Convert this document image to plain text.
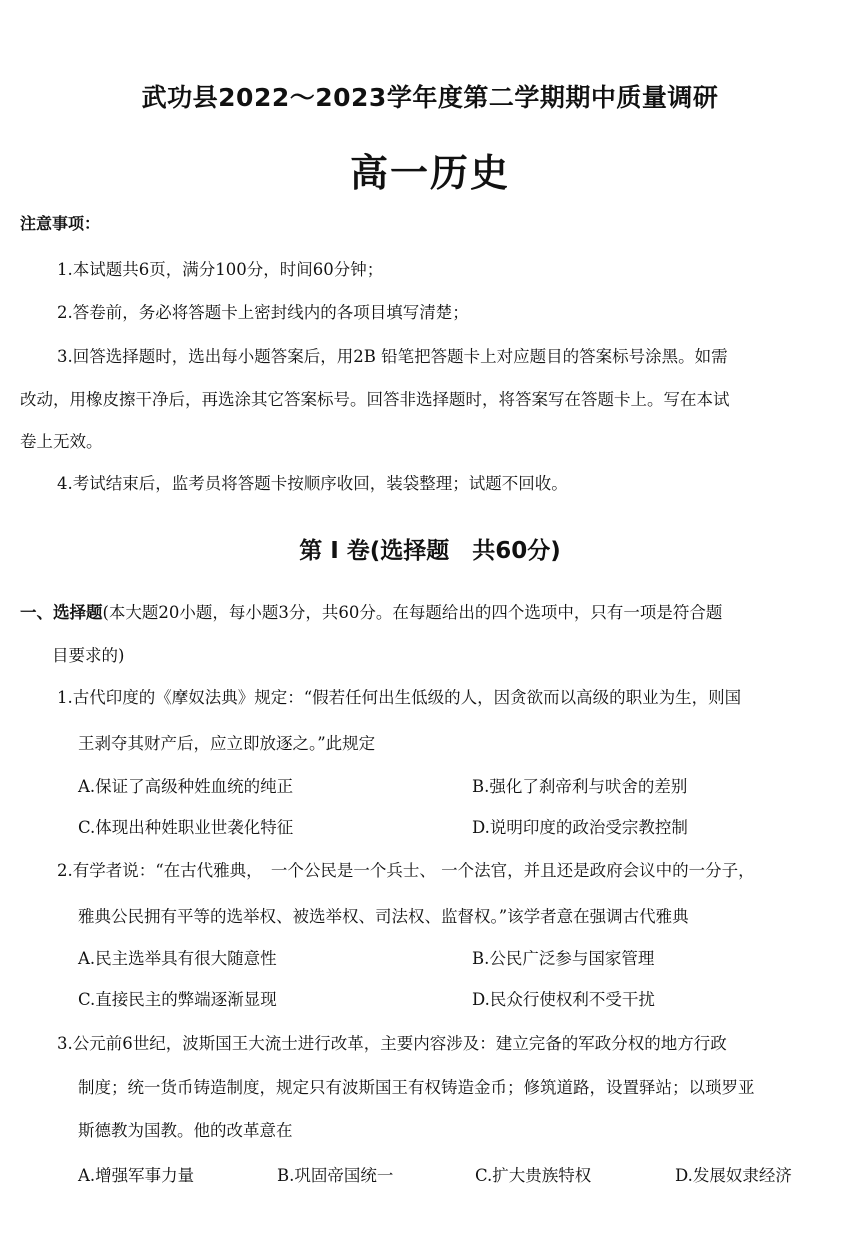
武功县2022～2023学年度第二学期期中质量调研
高一历史
注意事项：
1.本试题共6页，满分100分，时间60分钟；
2.答卷前，务必将答题卡上密封线内的各项目填写清楚；
3.回答选择题时，选出每小题答案后，用2B 铅笔把答题卡上对应题目的答案标号涂黑。如需
改动，用橡皮擦干净后，再选涂其它答案标号。回答非选择题时，将答案写在答题卡上。写在本试
卷上无效。
4.考试结束后，监考员将答题卡按顺序收回，装袋整理；试题不回收。
第 I 卷(选择题　共60分)
一、选择题(本大题20小题，每小题3分，共60分。在每题给出的四个选项中，只有一项是符合题
目要求的)
1.古代印度的《摩奴法典》规定：“假若任何出生低级的人，因贪欲而以高级的职业为生，则国
王剥夺其财产后，应立即放逐之。”此规定
A.保证了高级种姓血统的纯正	B.强化了刹帝利与吠舍的差别
C.体现出种姓职业世袭化特征	D.说明印度的政治受宗教控制
2.有学者说：“在古代雅典，　一个公民是一个兵士、 一个法官，并且还是政府会议中的一分子，
雅典公民拥有平等的选举权、被选举权、司法权、监督权。”该学者意在强调古代雅典
A.民主选举具有很大随意性	B.公民广泛参与国家管理
C.直接民主的弊端逐渐显现	D.民众行使权利不受干扰
3.公元前6世纪，波斯国王大流士进行改革，主要内容涉及：建立完备的军政分权的地方行政
制度；统一货币铸造制度，规定只有波斯国王有权铸造金币；修筑道路，设置驿站；以琐罗亚
斯德教为国教。他的改革意在
A.增强军事力量	B.巩固帝国统一	C.扩大贵族特权	D.发展奴隶经济
